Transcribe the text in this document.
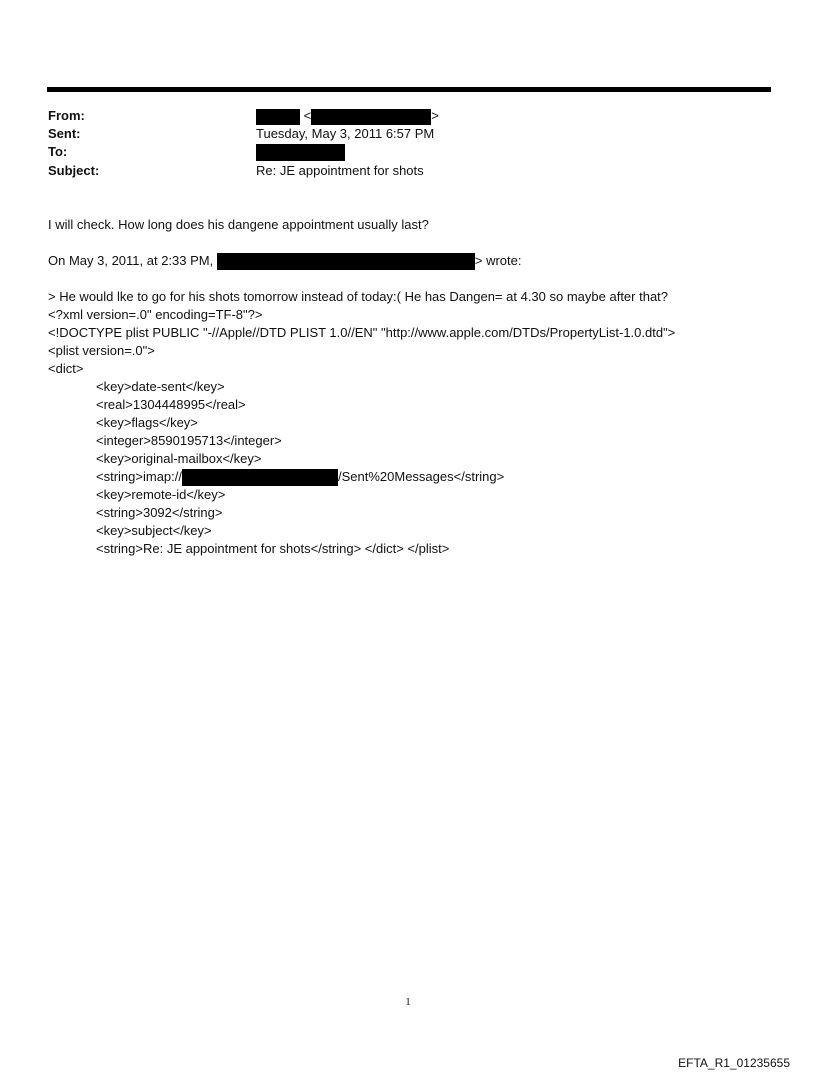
From:	<	>
Sent:	Tuesday, May 3, 2011 6:57 PM
To:
Subject:	Re: JE appointment for shots
I will check. How long does his dangene appointment usually last?
On May 3, 2011, at 2:33 PM,	> wrote:
> He would lke to go for his shots tomorrow instead of today:( He has Dangen= at 4.30 so maybe after that?
<?xml version=.0" encoding=TF-8"?>
<!DOCTYPE plist PUBLIC "-//Apple//DTD PLIST 1.0//EN" "http://www.apple.com/DTDs/PropertyList-1.0.dtd">
<plist version=.0">
<dict>
<key>date-sent</key>
<real>1304448995</real>
<key>flags</key>
<integer>8590195713</integer>
<key>original-mailbox</key>
<string>imap://	/Sent%20Messages</string>
<key>remote-id</key>
<string>3092</string>
<key>subject</key>
<string>Re: JE appointment for shots</string> </dict> </plist>
1
EFTA_R1_01235655
